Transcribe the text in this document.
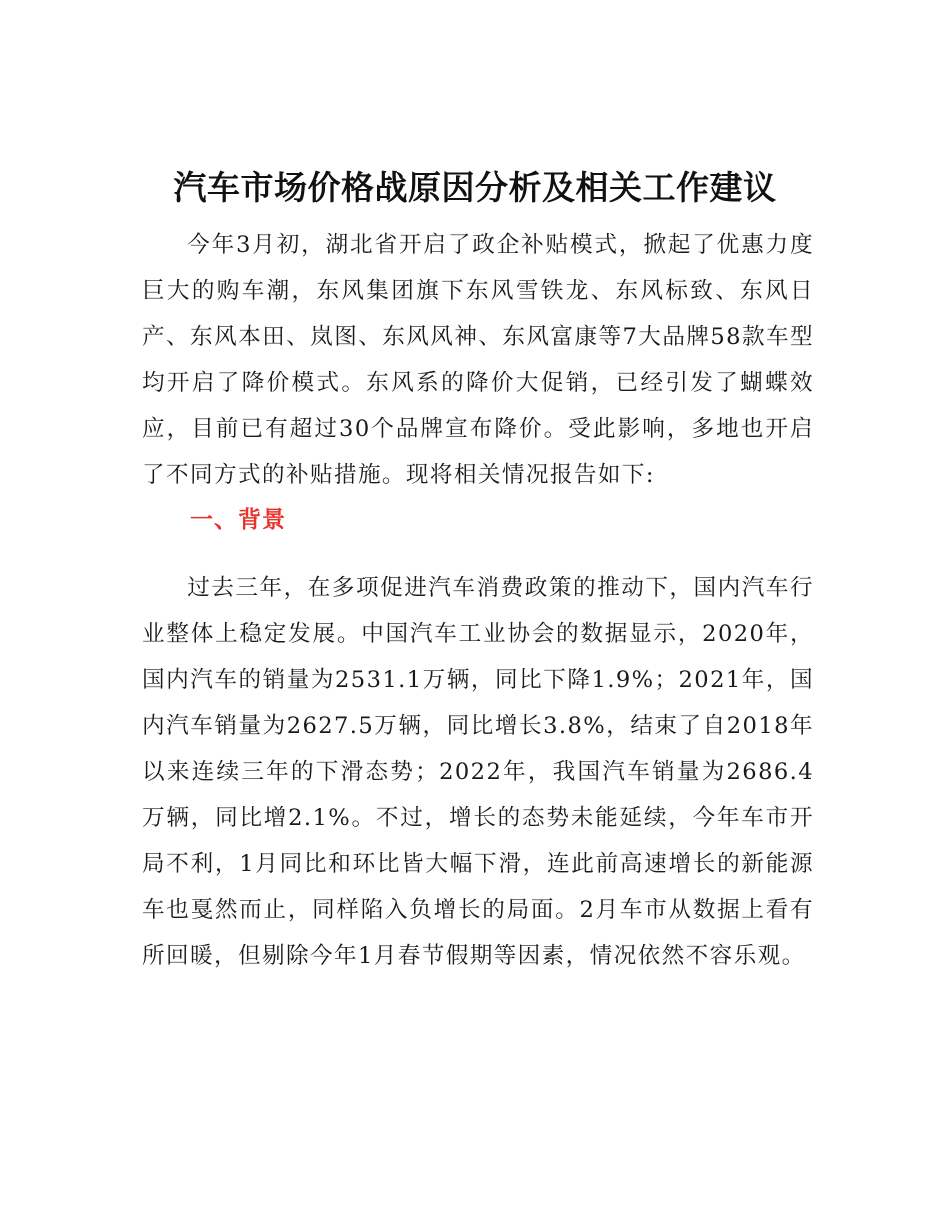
汽车市场价格战原因分析及相关工作建议

今年3月初，湖北省开启了政企补贴模式，掀起了优惠力度巨大的购车潮，东风集团旗下东风雪铁龙、东风标致、东风日产、东风本田、岚图、东风风神、东风富康等7大品牌58款车型均开启了降价模式。东风系的降价大促销，已经引发了蝴蝶效应，目前已有超过30个品牌宣布降价。受此影响，多地也开启了不同方式的补贴措施。现将相关情况报告如下:

一、背景

过去三年，在多项促进汽车消费政策的推动下，国内汽车行业整体上稳定发展。中国汽车工业协会的数据显示，2020年，国内汽车的销量为2531.1万辆，同比下降1.9%；2021年，国内汽车销量为2627.5万辆，同比增长3.8%，结束了自2018年以来连续三年的下滑态势；2022年，我国汽车销量为2686.4万辆，同比增2.1%。不过，增长的态势未能延续，今年车市开局不利，1月同比和环比皆大幅下滑，连此前高速增长的新能源车也戛然而止，同样陷入负增长的局面。2月车市从数据上看有所回暖，但剔除今年1月春节假期等因素，情况依然不容乐观。
